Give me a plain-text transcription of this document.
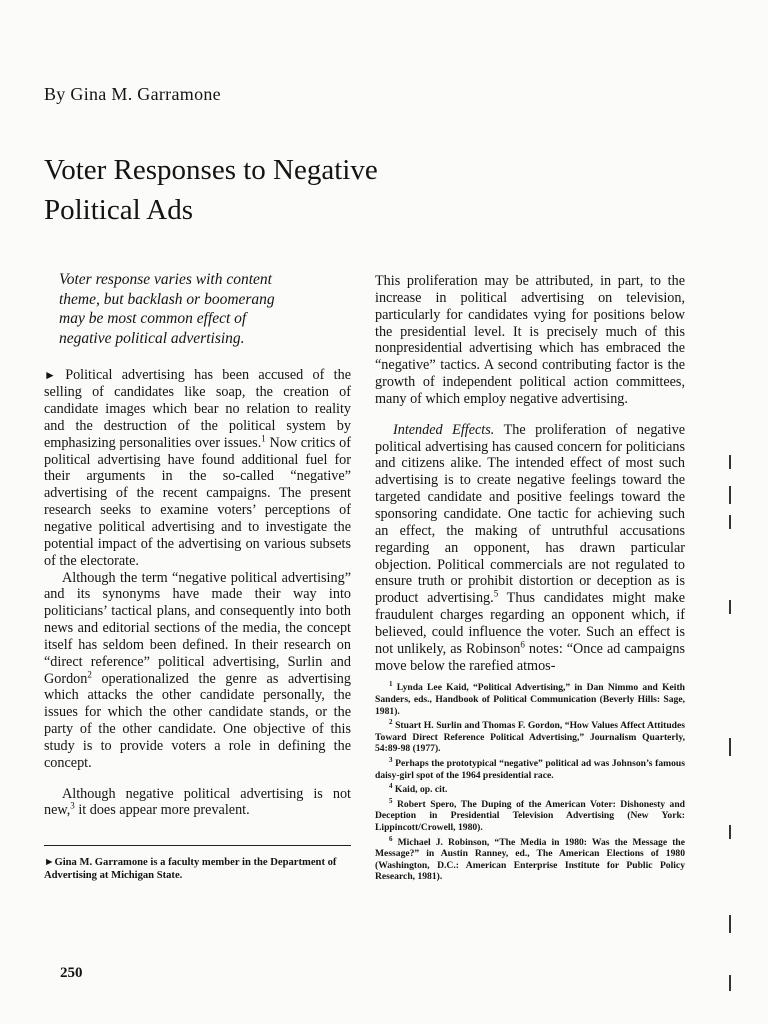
By Gina M. Garramone
Voter Responses to Negative
Political Ads

Voter response varies with content theme, but backlash or boomerang may be most common effect of negative political advertising.

► Political advertising has been accused of the selling of candidates like soap, the creation of candidate images which bear no relation to reality and the destruction of the political system by emphasizing personalities over issues.$^1$ Now critics of political advertising have found additional fuel for their arguments in the so-called “negative” advertising of the recent campaigns. The present research seeks to examine voters’ perceptions of negative political advertising and to investigate the potential impact of the advertising on various subsets of the electorate.

Although the term “negative political advertising” and its synonyms have made their way into politicians’ tactical plans, and consequently into both news and editorial sections of the media, the concept itself has seldom been defined. In their research on “direct reference” political advertising, Surlin and Gordon$^2$ operationalized the genre as advertising which attacks the other candidate personally, the issues for which the other candidate stands, or the party of the other candidate. One objective of this study is to provide voters a role in defining the concept.

Although negative political advertising is not new,$^3$ it does appear more prevalent.

►Gina M. Garramone is a faculty member in the Department of Advertising at Michigan State.

250

This proliferation may be attributed, in part, to the increase in political advertising on television, particularly for candidates vying for positions below the presidential level. It is precisely much of this nonpresidential advertising which has embraced the “negative” tactics. A second contributing factor is the growth of independent political action committees, many of which employ negative advertising.

Intended Effects. The proliferation of negative political advertising has caused concern for politicians and citizens alike. The intended effect of most such advertising is to create negative feelings toward the targeted candidate and positive feelings toward the sponsoring candidate. One tactic for achieving such an effect, the making of untruthful accusations regarding an opponent, has drawn particular objection. Political commercials are not regulated to ensure truth or prohibit distortion or deception as is product advertising.$^5$ Thus candidates might make fraudulent charges regarding an opponent which, if believed, could influence the voter. Such an effect is not unlikely, as Robinson$^6$ notes: “Once ad campaigns move below the rarefied atmos-

$^1$ Lynda Lee Kaid, “Political Advertising,” in Dan Nimmo and Keith Sanders, eds., Handbook of Political Communication (Beverly Hills: Sage, 1981).

$^2$ Stuart H. Surlin and Thomas F. Gordon, “How Values Affect Attitudes Toward Direct Reference Political Advertising,” Journalism Quarterly, 54:89-98 (1977).

$^3$ Perhaps the prototypical “negative” political ad was Johnson’s famous daisy-girl spot of the 1964 presidential race.

$^4$ Kaid, op. cit.

$^5$ Robert Spero, The Duping of the American Voter: Dishonesty and Deception in Presidential Television Advertising (New York: Lippincott/Crowell, 1980).

$^6$ Michael J. Robinson, “The Media in 1980: Was the Message the Message?” in Austin Ranney, ed., The American Elections of 1980 (Washington, D.C.: American Enterprise Institute for Public Policy Research, 1981).
